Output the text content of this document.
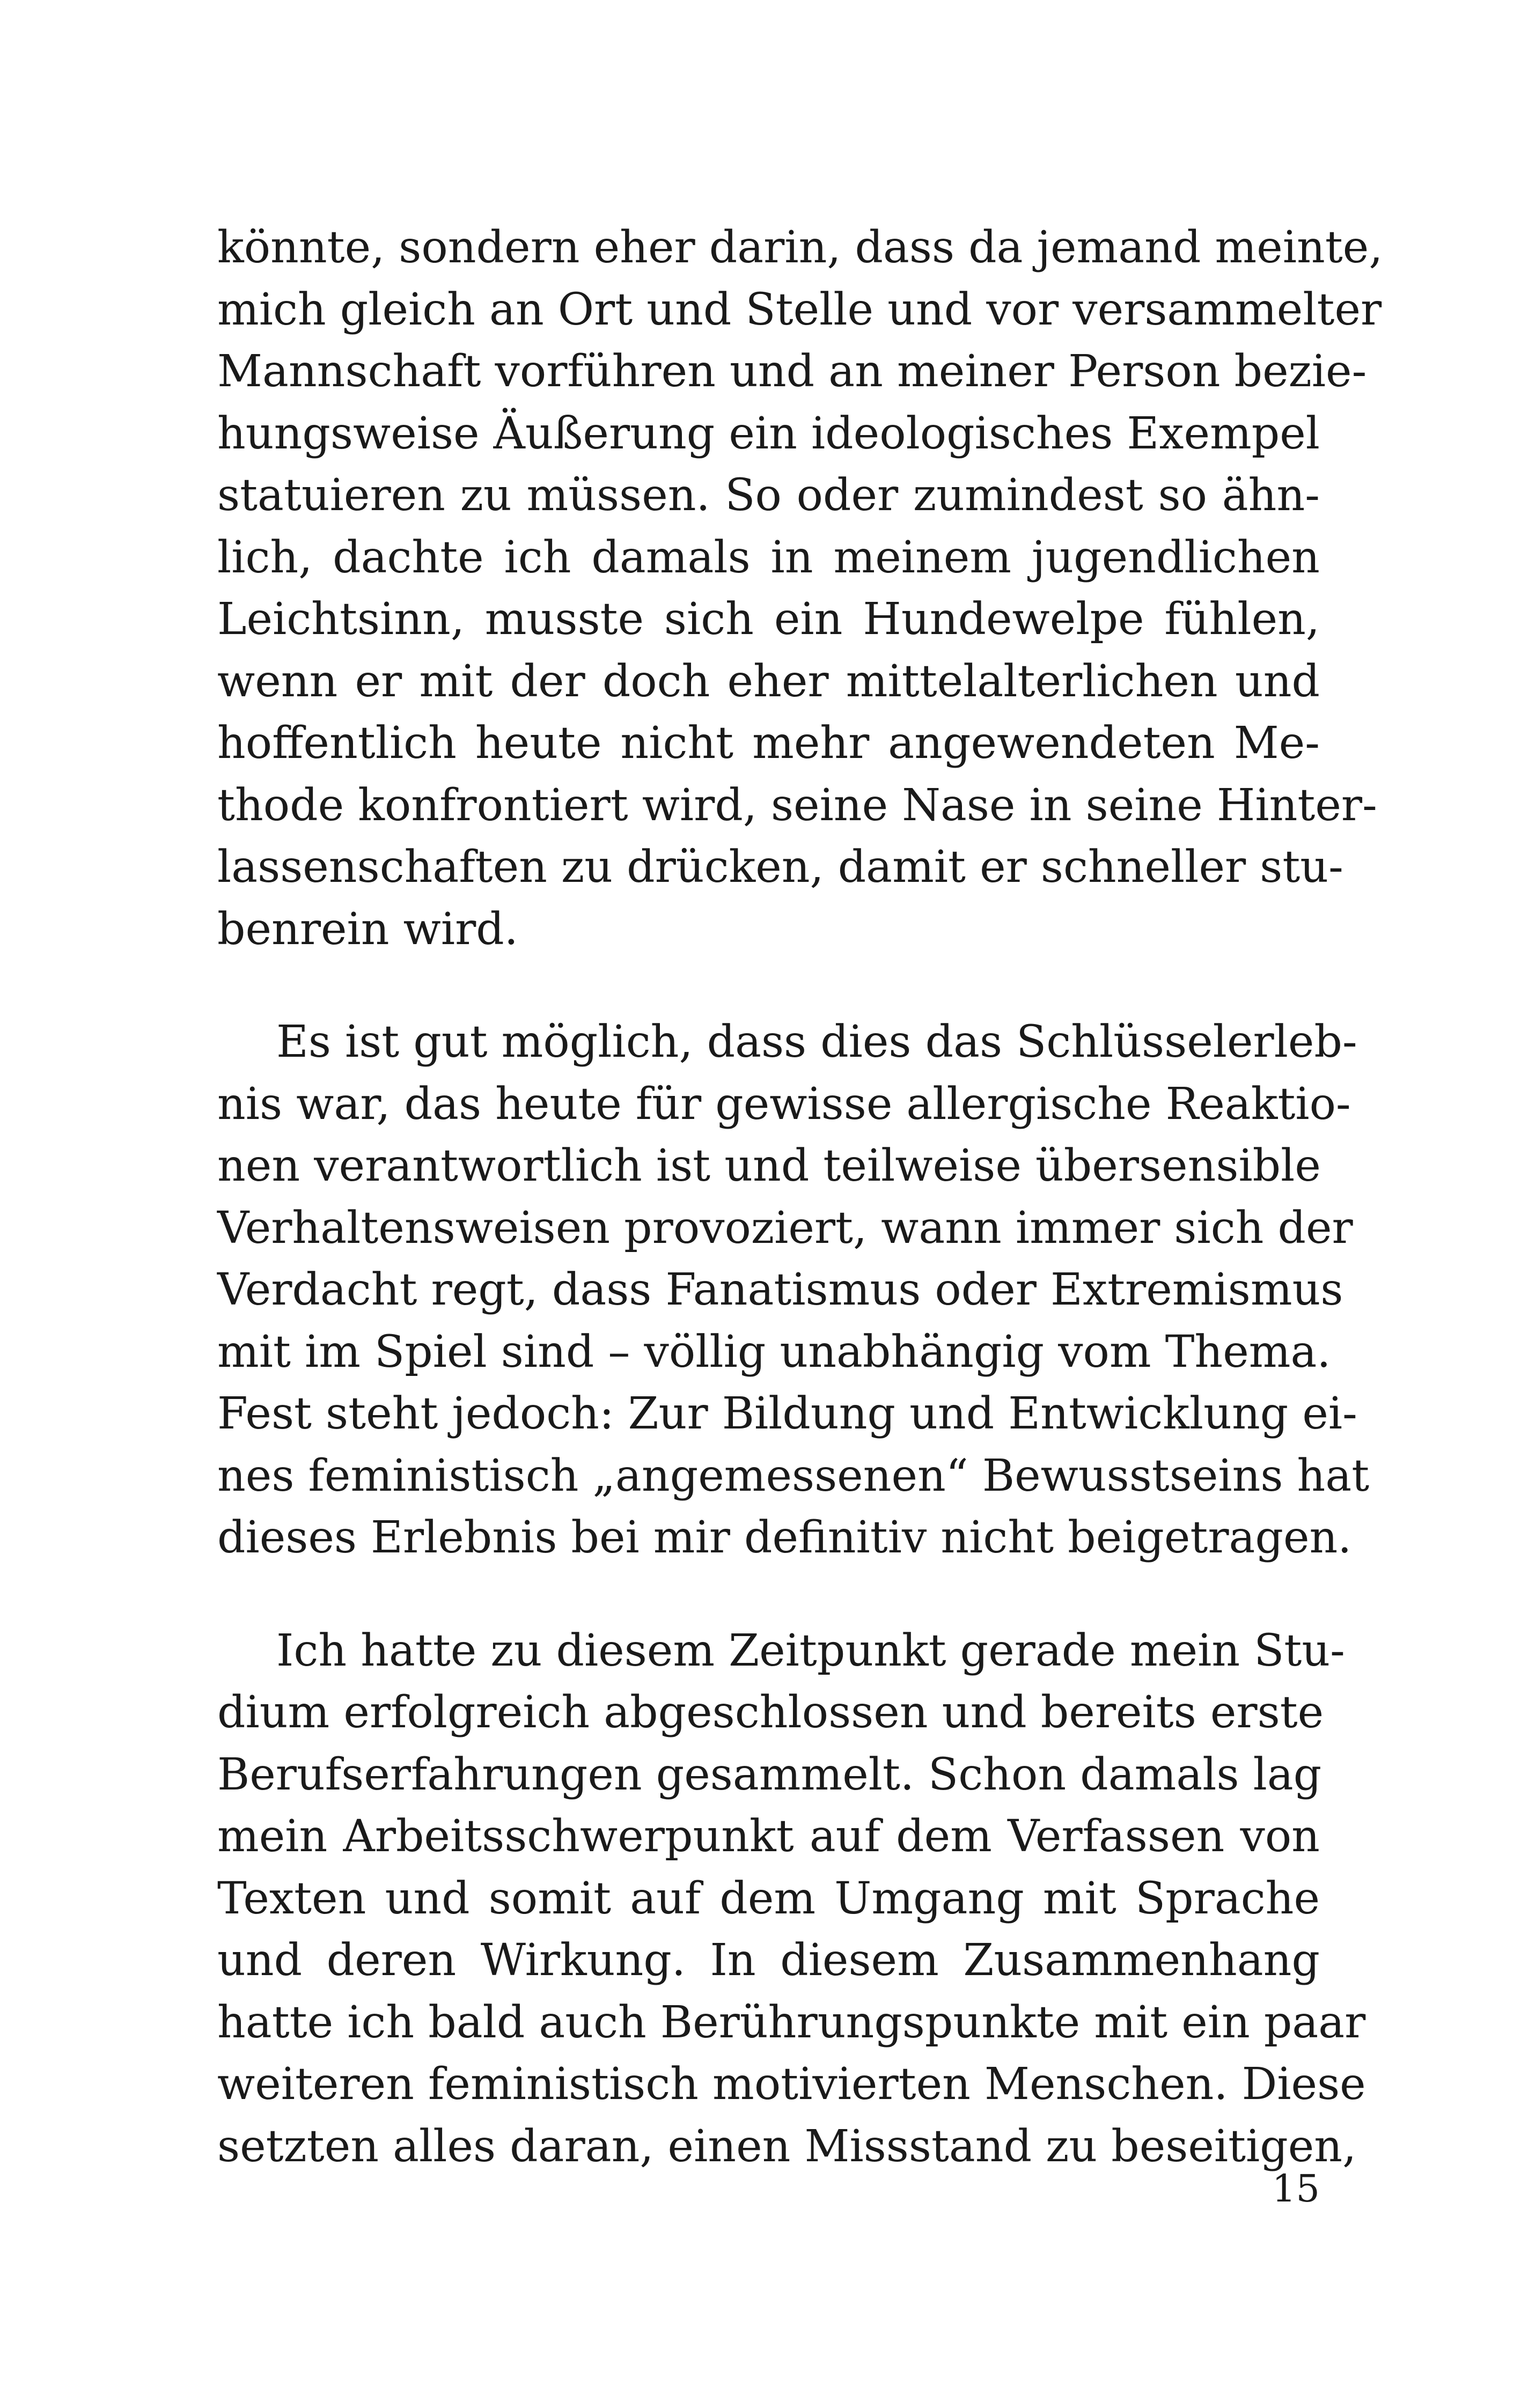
könnte, sondern eher darin, dass da jemand meinte,
mich gleich an Ort und Stelle und vor versammelter
Mannschaft vorführen und an meiner Person bezie-
hungsweise Äußerung ein ideologisches Exempel
statuieren zu müssen. So oder zumindest so ähn-
lich, dachte ich damals in meinem jugendlichen
Leichtsinn, musste sich ein Hundewelpe fühlen,
wenn er mit der doch eher mittelalterlichen und
hoffentlich heute nicht mehr angewendeten Me-
thode konfrontiert wird, seine Nase in seine Hinter-
lassenschaften zu drücken, damit er schneller stu-
benrein wird.

Es ist gut möglich, dass dies das Schlüsselerleb-
nis war, das heute für gewisse allergische Reaktio-
nen verantwortlich ist und teilweise übersensible
Verhaltensweisen provoziert, wann immer sich der
Verdacht regt, dass Fanatismus oder Extremismus
mit im Spiel sind – völlig unabhängig vom Thema.
Fest steht jedoch: Zur Bildung und Entwicklung ei-
nes feministisch „angemessenen“ Bewusstseins hat
dieses Erlebnis bei mir definitiv nicht beigetragen.

Ich hatte zu diesem Zeitpunkt gerade mein Stu-
dium erfolgreich abgeschlossen und bereits erste
Berufserfahrungen gesammelt. Schon damals lag
mein Arbeitsschwerpunkt auf dem Verfassen von
Texten und somit auf dem Umgang mit Sprache
und deren Wirkung. In diesem Zusammenhang
hatte ich bald auch Berührungspunkte mit ein paar
weiteren feministisch motivierten Menschen. Diese
setzten alles daran, einen Missstand zu beseitigen,

15
